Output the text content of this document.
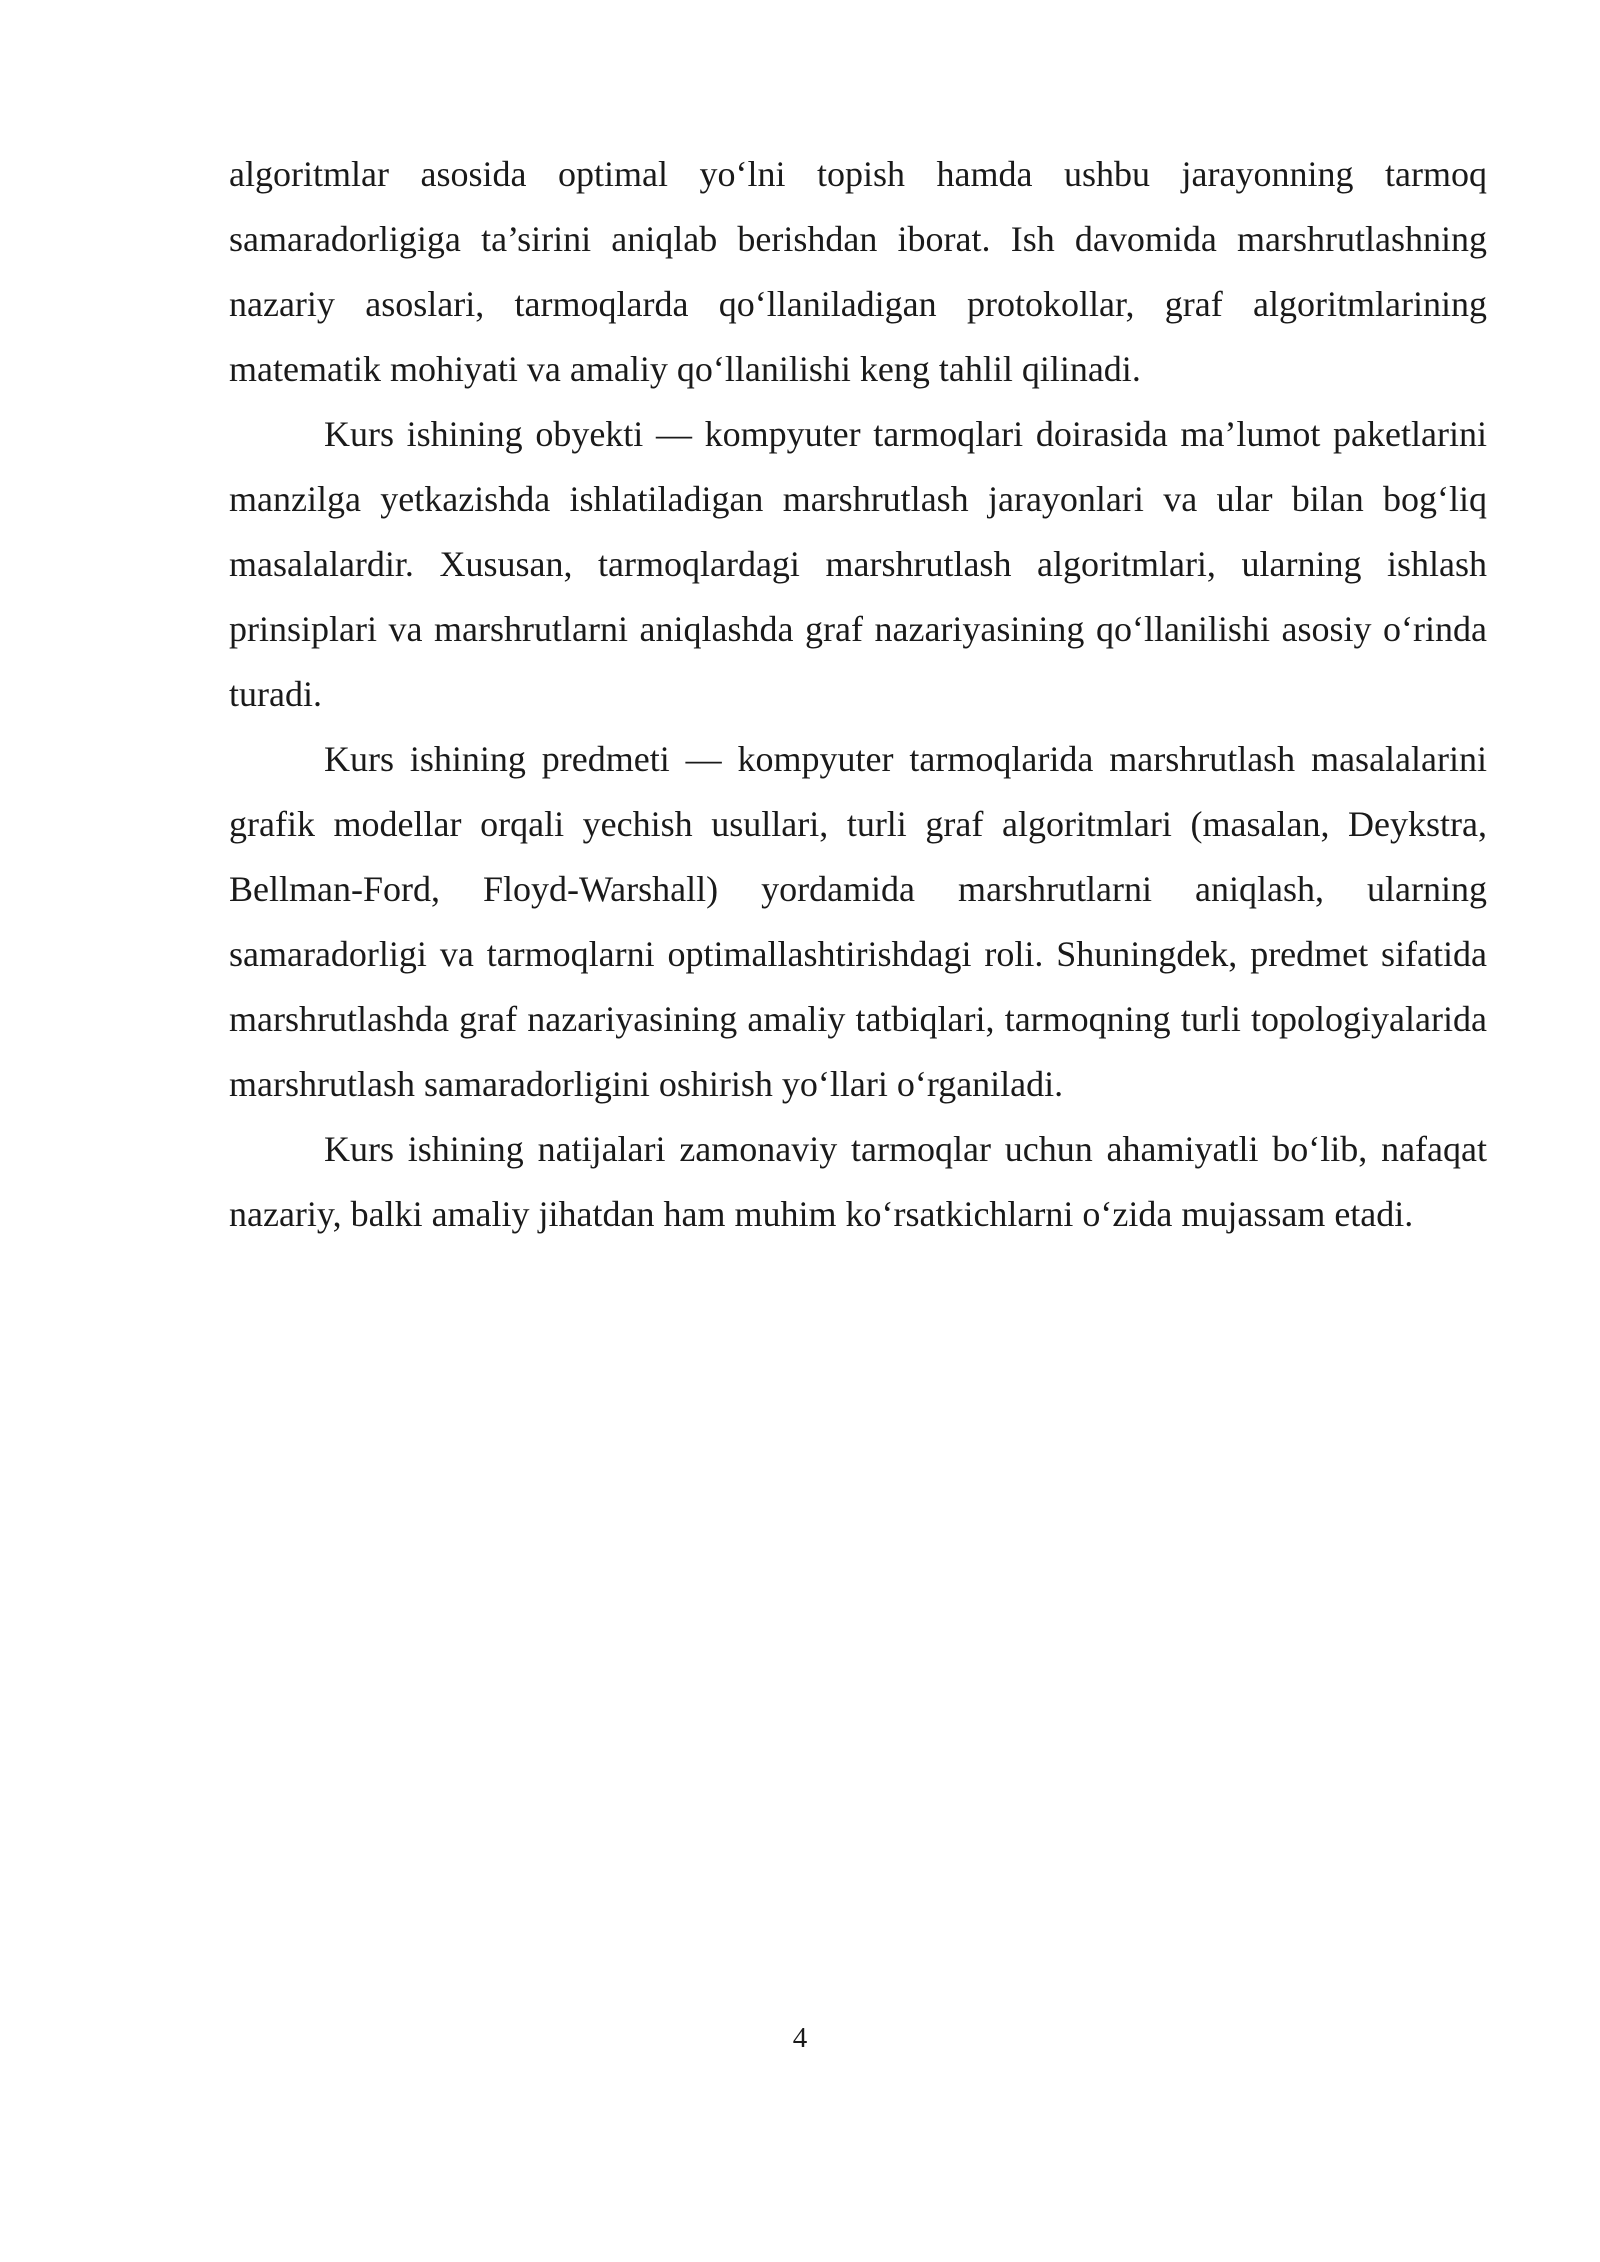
algoritmlar asosida optimal yo‘lni topish hamda ushbu jarayonning tarmoq samaradorligiga ta’sirini aniqlab berishdan iborat. Ish davomida marshrutlashning nazariy asoslari, tarmoqlarda qo‘llaniladigan protokollar, graf algoritmlarining matematik mohiyati va amaliy qo‘llanilishi keng tahlil qilinadi.

Kurs ishining obyekti — kompyuter tarmoqlari doirasida ma’lumot paketlarini manzilga yetkazishda ishlatiladigan marshrutlash jarayonlari va ular bilan bog‘liq masalalardir. Xususan, tarmoqlardagi marshrutlash algoritmlari, ularning ishlash prinsiplari va marshrutlarni aniqlashda graf nazariyasining qo‘llanilishi asosiy o‘rinda turadi.

Kurs ishining predmeti — kompyuter tarmoqlarida marshrutlash masalalarini grafik modellar orqali yechish usullari, turli graf algoritmlari (masalan, Deykstra, Bellman-Ford, Floyd-Warshall) yordamida marshrutlarni aniqlash, ularning samaradorligi va tarmoqlarni optimallashtirishdagi roli. Shuningdek, predmet sifatida marshrutlashda graf nazariyasining amaliy tatbiqlari, tarmoqning turli topologiyalarida marshrutlash samaradorligini oshirish yo‘llari o‘rganiladi.

Kurs ishining natijalari zamonaviy tarmoqlar uchun ahamiyatli bo‘lib, nafaqat nazariy, balki amaliy jihatdan ham muhim ko‘rsatkichlarni o‘zida mujassam etadi.

4
